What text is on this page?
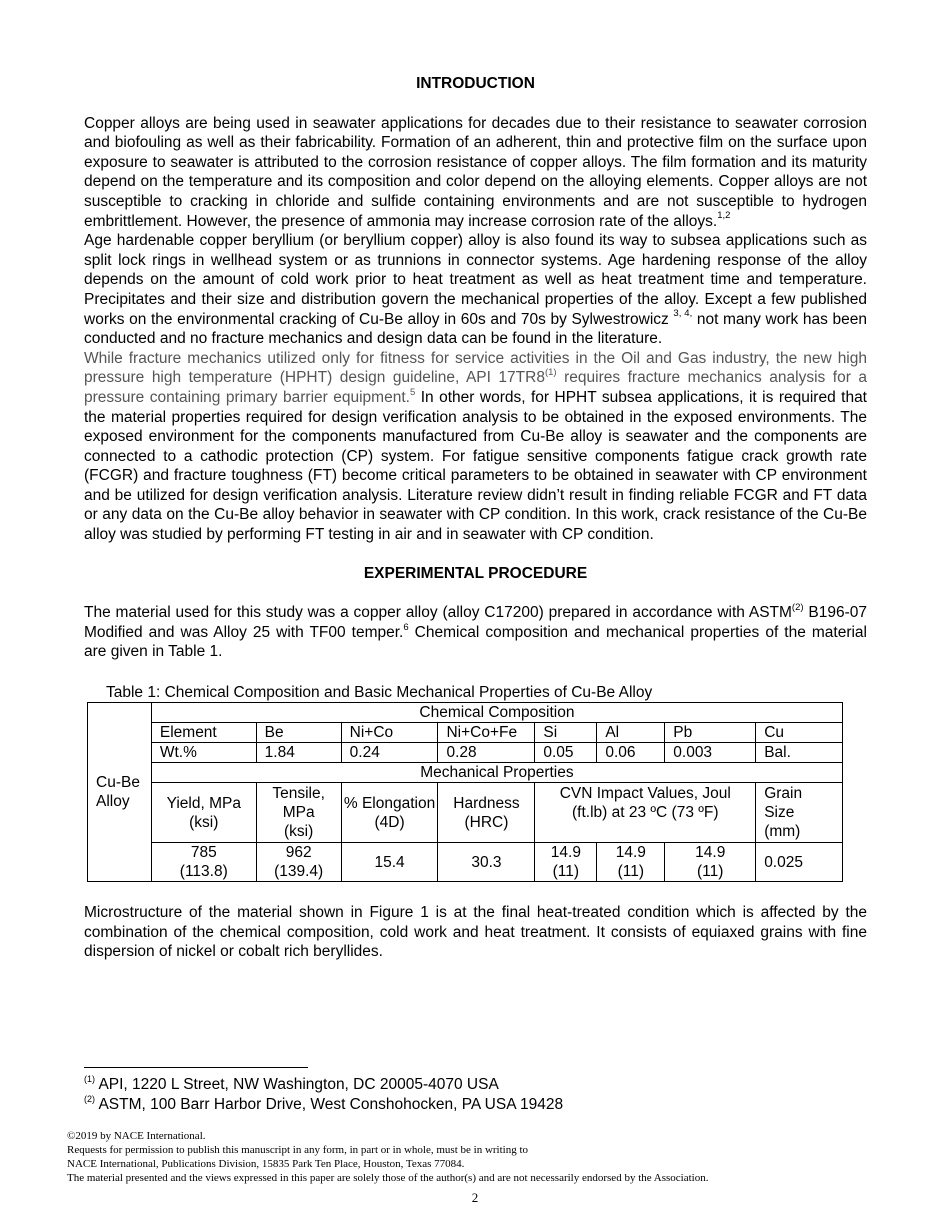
INTRODUCTION

Copper alloys are being used in seawater applications for decades due to their resistance to seawater corrosion and biofouling as well as their fabricability. Formation of an adherent, thin and protective film on the surface upon exposure to seawater is attributed to the corrosion resistance of copper alloys. The film formation and its maturity depend on the temperature and its composition and color depend on the alloying elements. Copper alloys are not susceptible to cracking in chloride and sulfide containing environments and are not susceptible to hydrogen embrittlement. However, the presence of ammonia may increase corrosion rate of the alloys.$^{1,2}$

Age hardenable copper beryllium (or beryllium copper) alloy is also found its way to subsea applications such as split lock rings in wellhead system or as trunnions in connector systems. Age hardening response of the alloy depends on the amount of cold work prior to heat treatment as well as heat treatment time and temperature. Precipitates and their size and distribution govern the mechanical properties of the alloy. Except a few published works on the environmental cracking of Cu-Be alloy in 60s and 70s by Sylwestrowicz $^{3, 4,}$ not many work has been conducted and no fracture mechanics and design data can be found in the literature.

While fracture mechanics utilized only for fitness for service activities in the Oil and Gas industry, the new high pressure high temperature (HPHT) design guideline, API 17TR8$^{(1)}$ requires fracture mechanics analysis for a pressure containing primary barrier equipment.$^5$ In other words, for HPHT subsea applications, it is required that the material properties required for design verification analysis to be obtained in the exposed environments. The exposed environment for the components manufactured from Cu-Be alloy is seawater and the components are connected to a cathodic protection (CP) system. For fatigue sensitive components fatigue crack growth rate (FCGR) and fracture toughness (FT) become critical parameters to be obtained in seawater with CP environment and be utilized for design verification analysis. Literature review didn’t result in finding reliable FCGR and FT data or any data on the Cu-Be alloy behavior in seawater with CP condition. In this work, crack resistance of the Cu-Be alloy was studied by performing FT testing in air and in seawater with CP condition.

EXPERIMENTAL PROCEDURE

The material used for this study was a copper alloy (alloy C17200) prepared in accordance with ASTM$^{(2)}$ B196-07 Modified and was Alloy 25 with TF00 temper.$^6$ Chemical composition and mechanical properties of the material are given in Table 1.

Table 1: Chemical Composition and Basic Mechanical Properties of Cu-Be Alloy

Cu-Be Alloy	Chemical Composition							
	Element	Be	Ni+Co	Ni+Co+Fe	Si	Al	Pb	Cu
	Wt.%	1.84	0.24	0.28	0.05	0.06	0.003	Bal.
	Mechanical Properties							
	Yield, MPa (ksi)	Tensile, MPa (ksi)	% Elongation (4D)	Hardness (HRC)	CVN Impact Values, Joul (ft.lb) at 23 ºC (73 ºF)			Grain Size (mm)
	785 (113.8)	962 (139.4)	15.4	30.3	14.9 (11)	14.9 (11)	14.9 (11)	0.025

Microstructure of the material shown in Figure 1 is at the final heat-treated condition which is affected by the combination of the chemical composition, cold work and heat treatment. It consists of equiaxed grains with fine dispersion of nickel or cobalt rich beryllides.

$^{(1)}$ API, 1220 L Street, NW Washington, DC 20005-4070 USA
$^{(2)}$ ASTM, 100 Barr Harbor Drive, West Conshohocken, PA USA 19428
©2019 by NACE International.
Requests for permission to publish this manuscript in any form, in part or in whole, must be in writing to
NACE International, Publications Division, 15835 Park Ten Place, Houston, Texas 77084.
The material presented and the views expressed in this paper are solely those of the author(s) and are not necessarily endorsed by the Association.
2
